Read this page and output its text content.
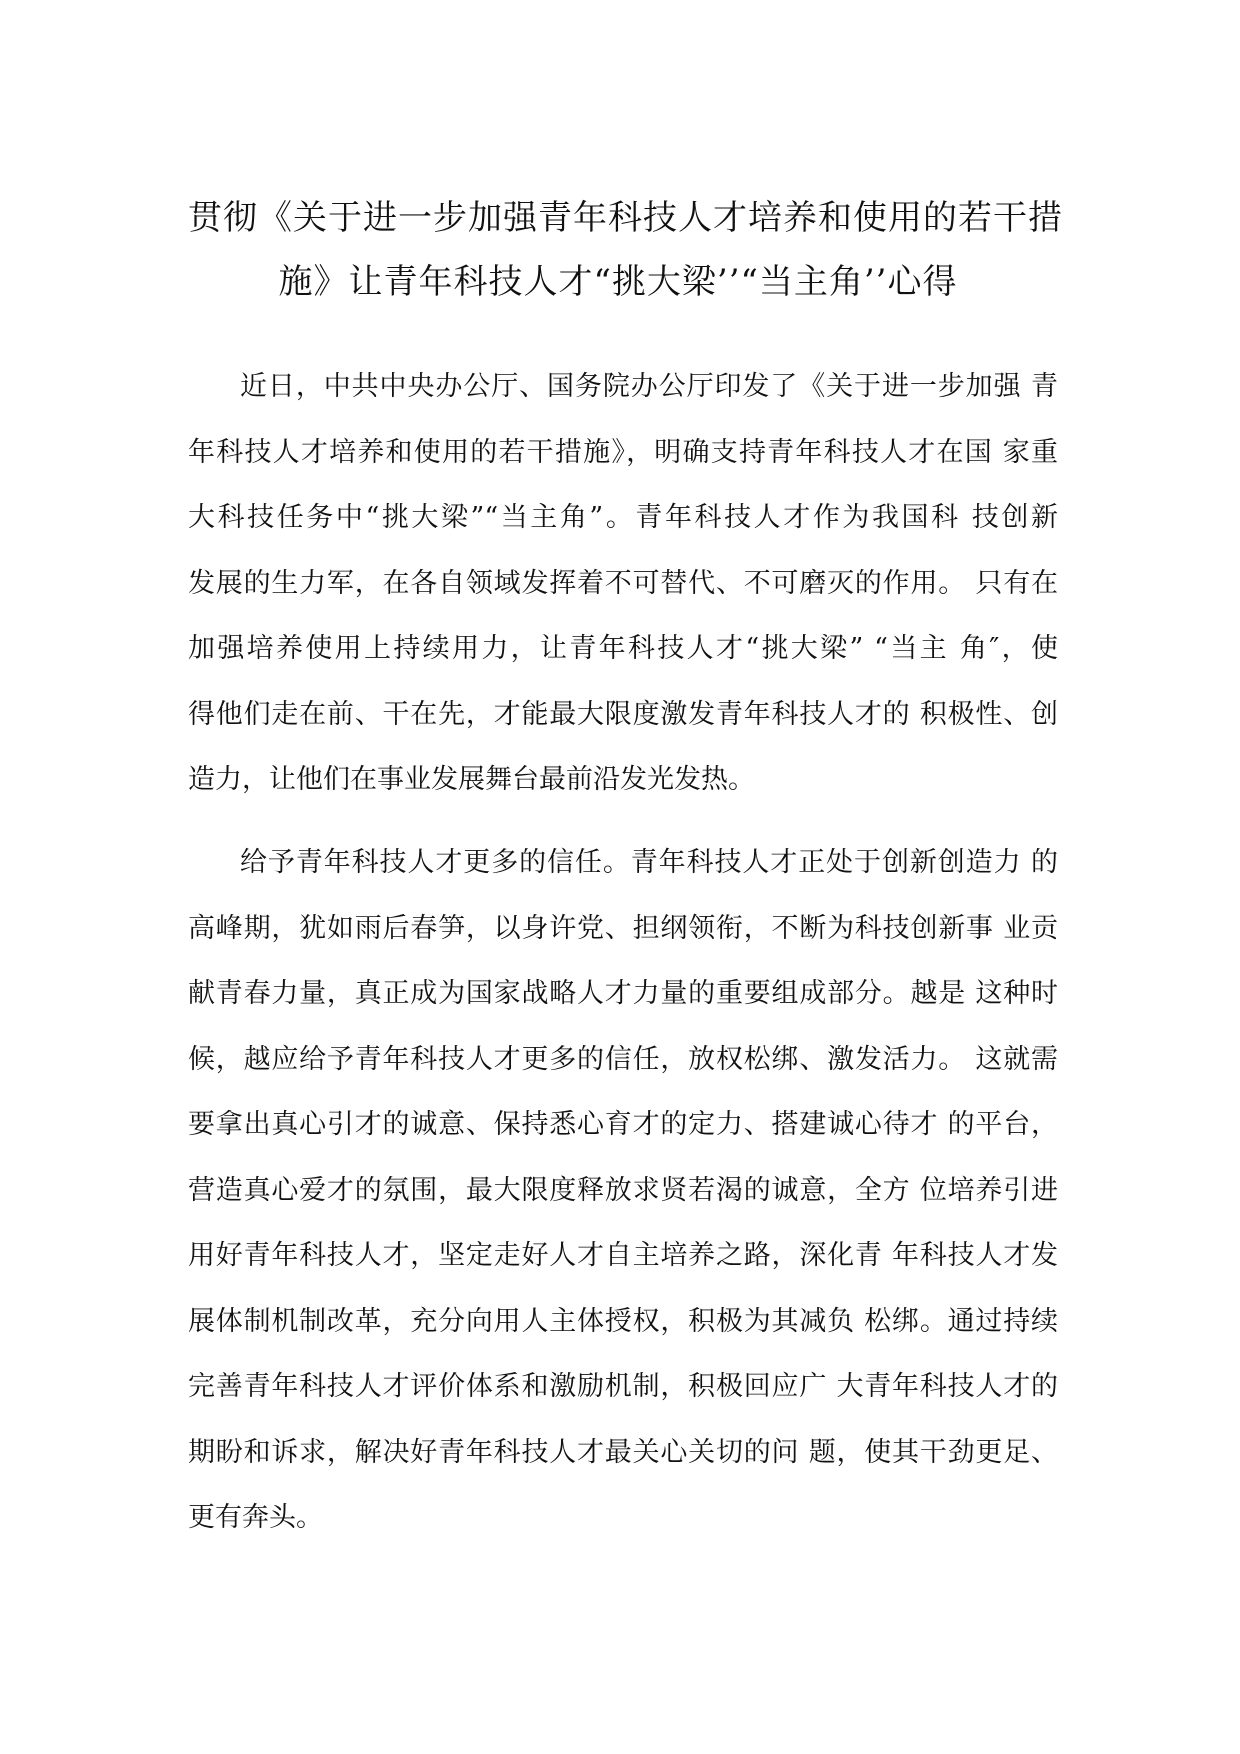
贯彻《关于进一步加强青年科技人才培养和使用的若干措
施》让青年科技人才“挑大梁’’“当主角’’心得

近日，中共中央办公厅、国务院办公厅印发了《关于进一步加强 青
年科技人才培养和使用的若干措施》，明确支持青年科技人才在国 家重
大科技任务中“挑大梁”“当主角”。青年科技人才作为我国科 技创新
发展的生力军，在各自领域发挥着不可替代、不可磨灭的作用。 只有在
加强培养使用上持续用力，让青年科技人才“挑大梁” “当主 角″，使
得他们走在前、干在先，才能最大限度激发青年科技人才的 积极性、创
造力，让他们在事业发展舞台最前沿发光发热。

给予青年科技人才更多的信任。青年科技人才正处于创新创造力 的
高峰期，犹如雨后春笋，以身许党、担纲领衔，不断为科技创新事 业贡
献青春力量，真正成为国家战略人才力量的重要组成部分。越是 这种时
候，越应给予青年科技人才更多的信任，放权松绑、激发活力。 这就需
要拿出真心引才的诚意、保持悉心育才的定力、搭建诚心待才 的平台，
营造真心爱才的氛围，最大限度释放求贤若渴的诚意，全方 位培养引进
用好青年科技人才，坚定走好人才自主培养之路，深化青 年科技人才发
展体制机制改革，充分向用人主体授权，积极为其减负 松绑。通过持续
完善青年科技人才评价体系和激励机制，积极回应广 大青年科技人才的
期盼和诉求，解决好青年科技人才最关心关切的问 题，使其干劲更足、
更有奔头。
